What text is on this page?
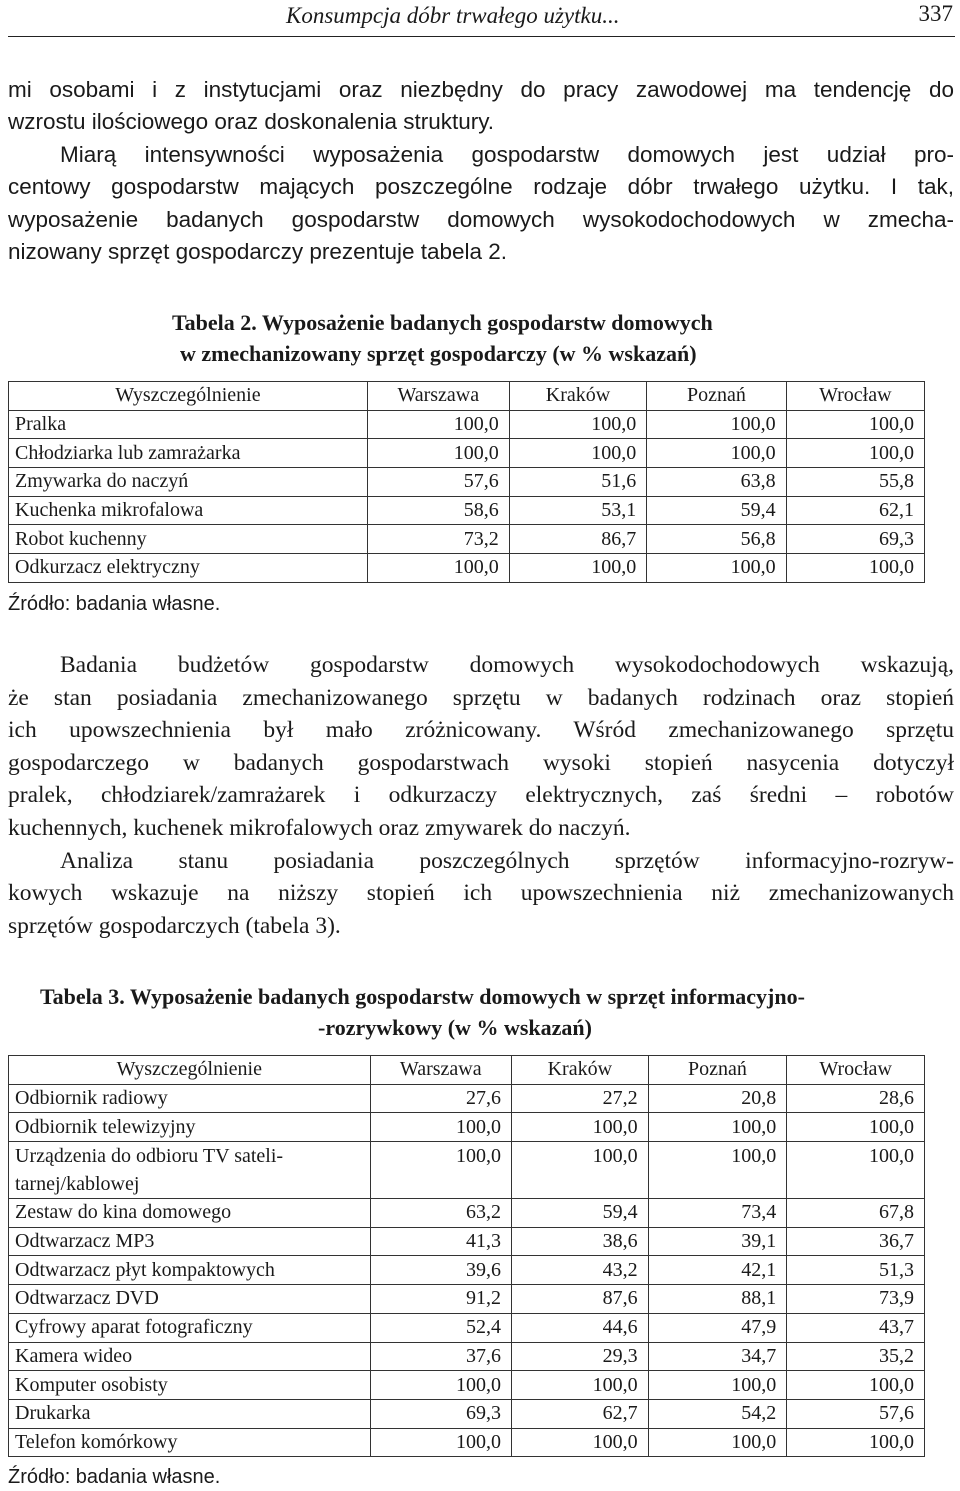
Konsumpcja dóbr trwałego użytku...	337

mi osobami i z instytucjami oraz niezbędny do pracy zawodowej ma tendencję do
wzrostu ilościowego oraz doskonalenia struktury.
Miarą intensywności wyposażenia gospodarstw domowych jest udział pro-
centowy gospodarstw mających poszczególne rodzaje dóbr trwałego użytku. I tak,
wyposażenie badanych gospodarstw domowych wysokodochodowych w zmecha-
nizowany sprzęt gospodarczy prezentuje tabela 2.

Tabela 2. Wyposażenie badanych gospodarstw domowych
w zmechanizowany sprzęt gospodarczy (w % wskazań)

Wyszczególnienie	Warszawa	Kraków	Poznań	Wrocław
Pralka	100,0	100,0	100,0	100,0
Chłodziarka lub zamrażarka	100,0	100,0	100,0	100,0
Zmywarka do naczyń	57,6	51,6	63,8	55,8
Kuchenka mikrofalowa	58,6	53,1	59,4	62,1
Robot kuchenny	73,2	86,7	56,8	69,3
Odkurzacz elektryczny	100,0	100,0	100,0	100,0

Źródło: badania własne.

Badania budżetów gospodarstw domowych wysokodochodowych wskazują,
że stan posiadania zmechanizowanego sprzętu w badanych rodzinach oraz stopień
ich upowszechnienia był mało zróżnicowany. Wśród zmechanizowanego sprzętu
gospodarczego w badanych gospodarstwach wysoki stopień nasycenia dotyczył
pralek, chłodziarek/zamrażarek i odkurzaczy elektrycznych, zaś średni – robotów
kuchennych, kuchenek mikrofalowych oraz zmywarek do naczyń.
Analiza stanu posiadania poszczególnych sprzętów informacyjno-rozryw-
kowych wskazuje na niższy stopień ich upowszechnienia niż zmechanizowanych
sprzętów gospodarczych (tabela 3).

Tabela 3. Wyposażenie badanych gospodarstw domowych w sprzęt informacyjno-
-rozrywkowy (w % wskazań)

Wyszczególnienie	Warszawa	Kraków	Poznań	Wrocław
Odbiornik radiowy	27,6	27,2	20,8	28,6
Odbiornik telewizyjny	100,0	100,0	100,0	100,0
Urządzenia do odbioru TV sateli-tarnej/kablowej	100,0	100,0	100,0	100,0
Zestaw do kina domowego	63,2	59,4	73,4	67,8
Odtwarzacz MP3	41,3	38,6	39,1	36,7
Odtwarzacz płyt kompaktowych	39,6	43,2	42,1	51,3
Odtwarzacz DVD	91,2	87,6	88,1	73,9
Cyfrowy aparat fotograficzny	52,4	44,6	47,9	43,7
Kamera wideo	37,6	29,3	34,7	35,2
Komputer osobisty	100,0	100,0	100,0	100,0
Drukarka	69,3	62,7	54,2	57,6
Telefon komórkowy	100,0	100,0	100,0	100,0

Źródło: badania własne.
